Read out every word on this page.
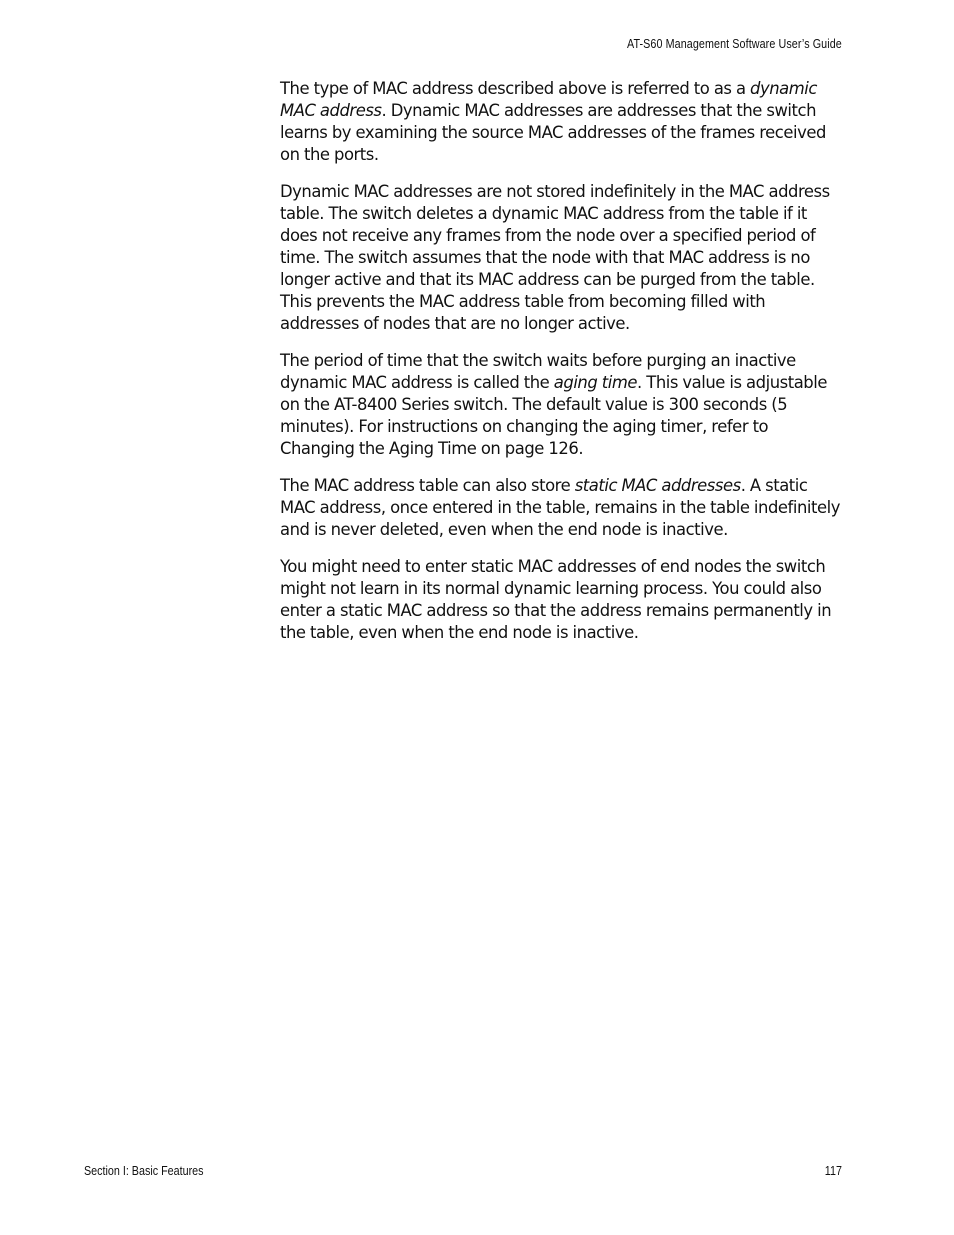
AT-S60 Management Software User’s Guide

The type of MAC address described above is referred to as a dynamic MAC address. Dynamic MAC addresses are addresses that the switch learns by examining the source MAC addresses of the frames received on the ports.

Dynamic MAC addresses are not stored indefinitely in the MAC address table. The switch deletes a dynamic MAC address from the table if it does not receive any frames from the node over a specified period of time. The switch assumes that the node with that MAC address is no longer active and that its MAC address can be purged from the table. This prevents the MAC address table from becoming filled with addresses of nodes that are no longer active.

The period of time that the switch waits before purging an inactive dynamic MAC address is called the aging time. This value is adjustable on the AT-8400 Series switch. The default value is 300 seconds (5 minutes). For instructions on changing the aging timer, refer to Changing the Aging Time on page 126.

The MAC address table can also store static MAC addresses. A static MAC address, once entered in the table, remains in the table indefinitely and is never deleted, even when the end node is inactive.

You might need to enter static MAC addresses of end nodes the switch might not learn in its normal dynamic learning process. You could also enter a static MAC address so that the address remains permanently in the table, even when the end node is inactive.

Section I: Basic Features	117
